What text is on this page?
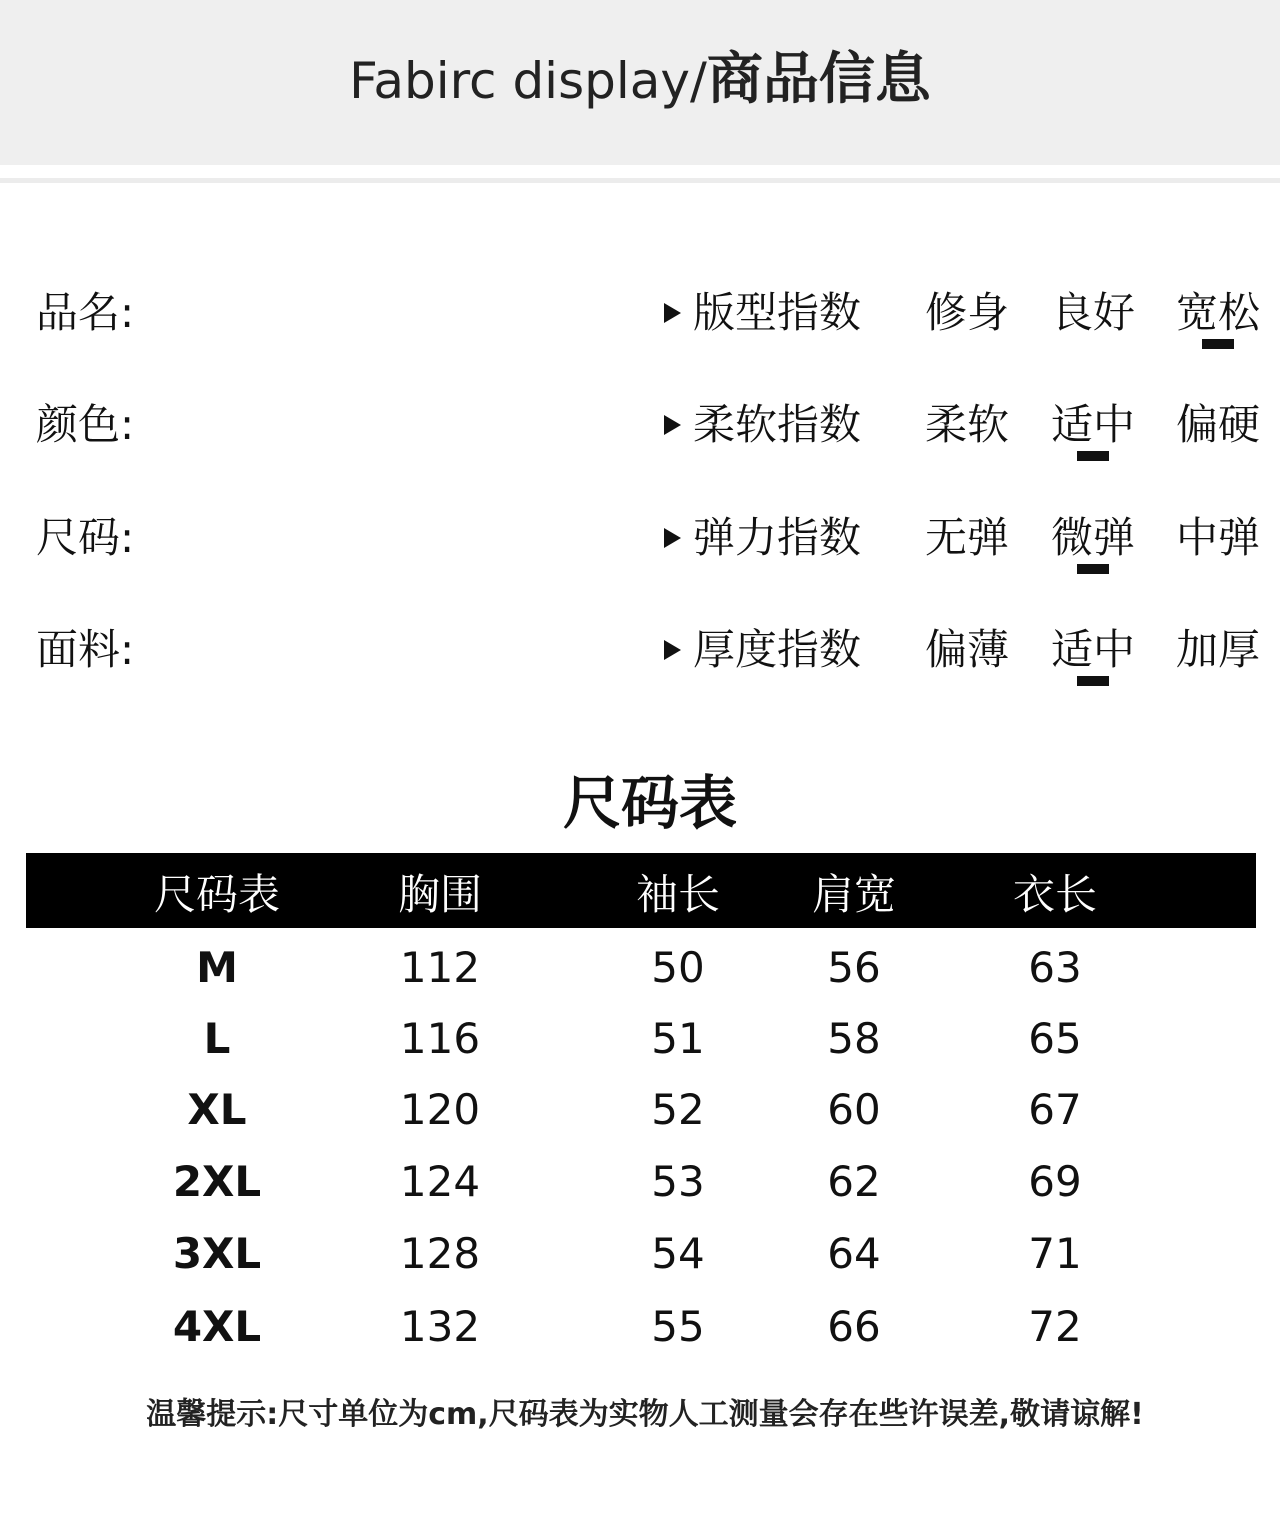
Fabirc display/商品信息
品名:	版型指数 修身 良好 宽松
颜色:	柔软指数 柔软 适中 偏硬
尺码:	弹力指数 无弹 微弹 中弹
面料:	厚度指数 偏薄 适中 加厚
尺码表
尺码表	胸围	袖长	肩宽	衣长
M	112	50	56	63
L	116	51	58	65
XL	120	52	60	67
2XL	124	53	62	69
3XL	128	54	64	71
4XL	132	55	66	72
温馨提示:尺寸单位为cm,尺码表为实物人工测量会存在些许误差,敬请谅解!
